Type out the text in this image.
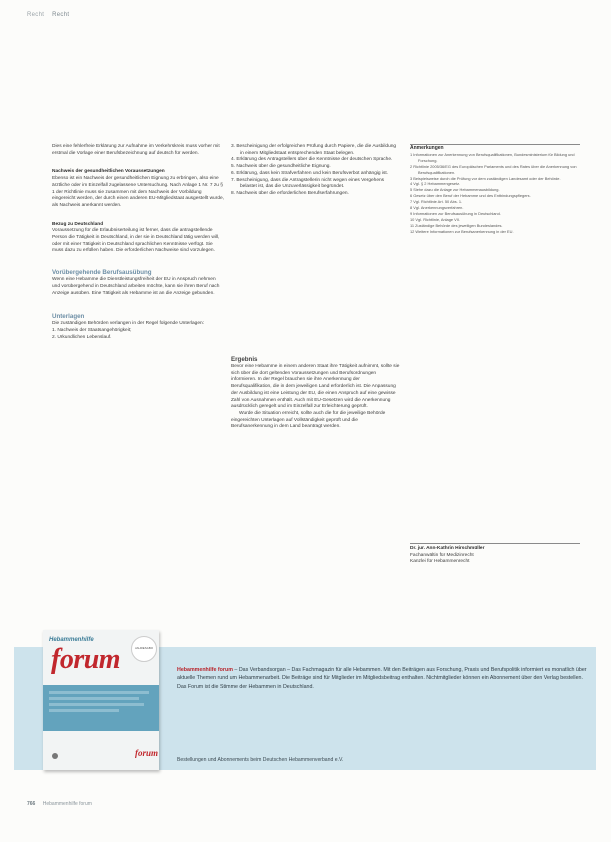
Recht Recht

Dies eine fehlerfreie Erklärung zur Aufnahme im Verkehrskreis muss vorher mit erstmal die Vorlage einer Berufsbezeichnung auf deutsch für werden.

Nachweis der gesundheitlichen Voraussetzungen

Ebenso ist ein Nachweis der gesundheitlichen Eignung zu erbringen, also eine ärztliche oder im Einzelfall zugelassene Untersuchung. Nach Anlage 1 Nr. 7 zu § 1 der Richtlinie muss sie zusammen mit dem Nachweis der Vorbildung eingereicht werden, der durch einen anderen EU-Mitgliedstaat ausgestellt wurde, als Nachweis anerkannt werden.

Bezug zu Deutschland

Voraussetzung für die Erlaubniserteilung ist ferner, dass die antragstellende Person die Tätigkeit in Deutschland, in der sie in Deutschland tätig werden will, oder mit einer Tätigkeit in Deutschland sprachlichen Kenntnisse verfügt. Sie muss dazu zu erfüllen haben. Die erforderlichen Nachweise sind vorzulegen.

Vorübergehende Berufsausübung

Wenn eine Hebamme die Dienstleistungsfreiheit der EU in Anspruch nehmen und vorübergehend in Deutschland arbeiten möchte, kann sie ihren Beruf nach Anzeige ausüben. Eine Tätigkeit als Hebamme ist an die Anzeige gebunden.

Unterlagen

Die zuständigen Behörden verlangen in der Regel folgende Unterlagen:

1. Nachweis der Staatsangehörigkeit;

2. Urkundlichen Lebenslauf.

3. Bescheinigung der erfolgreichen Prüfung durch Papiere, die die Ausbildung in einem Mitgliedstaat entsprechenden Staat belegen.

4. Erklärung des Antragstellers über die Kenntnisse der deutschen Sprache.

5. Nachweis über die gesundheitliche Eignung.

6. Erklärung, dass kein Strafverfahren und kein Berufsverbot anhängig ist.

7. Bescheinigung, dass die Antragstellerin nicht wegen eines Vergehens belastet ist, das die Unzuverlässigkeit begründet.

8. Nachweis über die erforderlichen Berufserfahrungen.

Ergebnis

Bevor eine Hebamme in einem anderen Staat ihre Tätigkeit aufnimmt, sollte sie sich über die dort geltenden Voraussetzungen und Berufsordnungen informieren. In der Regel brauchen sie ihre Anerkennung der Berufsqualifikation, die in dem jeweiligen Land erforderlich ist. Die Anpassung der Ausbildung ist eine Leistung der EU, die einen Anspruch auf eine gewisse Zahl von Ausnahmen enthält. Auch mit EU-Gesetzen wird die Anerkennung ausdrücklich geregelt und im Einzelfall zur Erleichterung geprüft.

Wurde die Situation erreicht, sollte auch die für die jeweilige Behörde eingereichten Unterlagen auf Vollständigkeit geprüft und die Berufsanerkennung in dem Land beantragt werden.

Anmerkungen

1 Informationen zur Anerkennung von Berufsqualifikationen, Bundesministerium für Bildung und Forschung.

2 Richtlinie 2005/36/EG des Europäischen Parlaments und des Rates über die Anerkennung von Berufsqualifikationen.

3 Beispielsweise durch die Prüfung vor dem zuständigen Landesamt oder der Behörde.

4 Vgl. § 2 Hebammengesetz.

5 Siehe dazu die Anlage zur Hebammenausbildung.

6 Gesetz über den Beruf der Hebamme und des Entbindungspflegers.

7 Vgl. Richtlinie Art. 50 Abs. 1.

8 Vgl. Anerkennungsverfahren.

9 Informationen zur Berufsausübung in Deutschland.

10 Vgl. Richtlinie, Anlage VII.

11 Zuständige Behörde des jeweiligen Bundeslandes.

12 Weitere Informationen zur Berufsanerkennung in der EU.

Dr. jur. Ann-Kathrin Hirschmüller

Fachanwältin für Medizinrecht

Kanzlei für Hebammenrecht

Hebammenhilfe
forum	JAHRESABO
forum

Hebammenhilfe forum – Das Verbandsorgan – Das Fachmagazin für alle Hebammen. Mit den Beiträgen aus Forschung, Praxis und Berufspolitik informiert es monatlich über aktuelle Themen rund um Hebammenarbeit. Die Beiträge sind für Mitglieder im Mitgliedsbeitrag enthalten. Nichtmitglieder können ein Abonnement über den Verlag bestellen. Das Forum ist die Stimme der Hebammen in Deutschland.

Bestellungen und Abonnements beim Deutschen Hebammenverband e.V.
766 Hebammenhilfe forum
